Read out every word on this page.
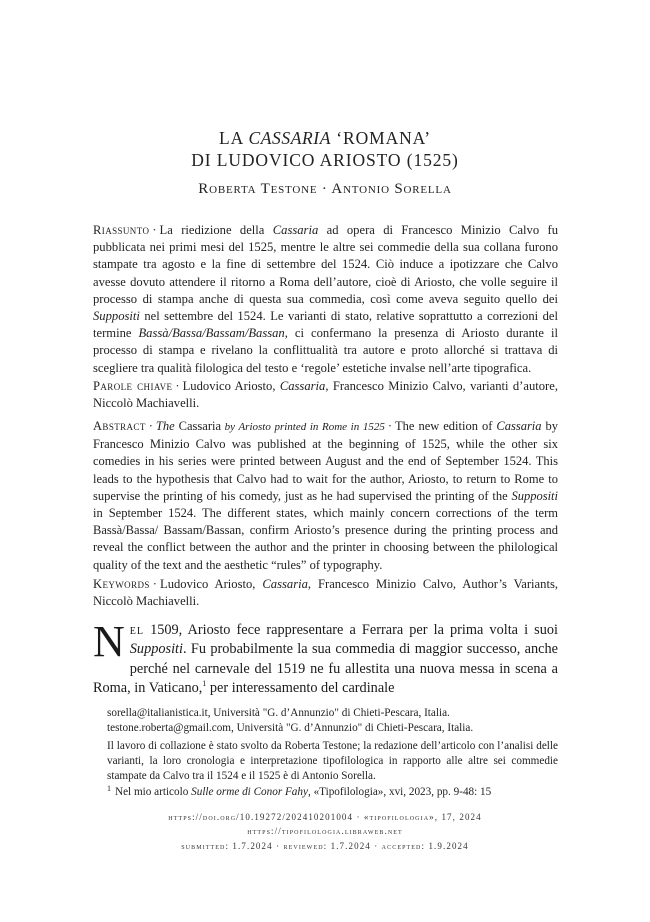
LA CASSARIA ‘ROMANA’
DI LUDOVICO ARIOSTO (1525)
Roberta Testone · Antonio Sorella
Riassunto · La riedizione della Cassaria ad opera di Francesco Minizio Calvo fu pubblicata nei primi mesi del 1525, mentre le altre sei commedie della sua collana furono stampate tra agosto e la fine di settembre del 1524. Ciò induce a ipotizzare che Calvo avesse dovuto attendere il ritorno a Roma dell’autore, cioè di Ariosto, che volle seguire il processo di stampa anche di questa sua commedia, così come aveva seguito quello dei Suppositi nel settembre del 1524. Le varianti di stato, relative soprattutto a correzioni del termine Bassà/Bassa/Bassam/Bassan, ci confermano la presenza di Ariosto durante il processo di stampa e rivelano la conflittualità tra autore e proto allorché si trattava di scegliere tra qualità filologica del testo e ‘regole’ estetiche invalse nell’arte tipografica.
Parole chiave · Ludovico Ariosto, Cassaria, Francesco Minizio Calvo, varianti d’autore, Niccolò Machiavelli.
Abstract · The Cassaria by Ariosto printed in Rome in 1525 · The new edition of Cassaria by Francesco Minizio Calvo was published at the beginning of 1525, while the other six comedies in his series were printed between August and the end of September 1524. This leads to the hypothesis that Calvo had to wait for the author, Ariosto, to return to Rome to supervise the printing of his comedy, just as he had supervised the printing of the Suppositi in September 1524. The different states, which mainly concern corrections of the term Bassà/Bassa/ Bassam/Bassan, confirm Ariosto’s presence during the printing process and reveal the conflict between the author and the printer in choosing between the philological quality of the text and the aesthetic “rules” of typography.
Keywords · Ludovico Ariosto, Cassaria, Francesco Minizio Calvo, Author’s Variants, Niccolò Machiavelli.
Nel 1509, Ariosto fece rappresentare a Ferrara per la prima volta i suoi Suppositi. Fu probabilmente la sua commedia di maggior successo, anche perché nel carnevale del 1519 ne fu allestita una nuova messa in scena a Roma, in Vaticano,$^1$ per interessamento del cardinale
sorella@italianistica.it, Università "G. d’Annunzio" di Chieti-Pescara, Italia.
testone.roberta@gmail.com, Università "G. d’Annunzio" di Chieti-Pescara, Italia.
Il lavoro di collazione è stato svolto da Roberta Testone; la redazione dell’articolo con l’analisi delle varianti, la loro cronologia e interpretazione tipofilologica in rapporto alle altre sei commedie stampate da Calvo tra il 1524 e il 1525 è di Antonio Sorella.
$^1$ Nel mio articolo Sulle orme di Conor Fahy, «Tipofilologia», xvi, 2023, pp. 9-48: 15
https://doi.org/10.19272/202410201004 · «tipofilologia», 17, 2024
https://tipofilologia.libraweb.net
submitted: 1.7.2024 · reviewed: 1.7.2024 · accepted: 1.9.2024
